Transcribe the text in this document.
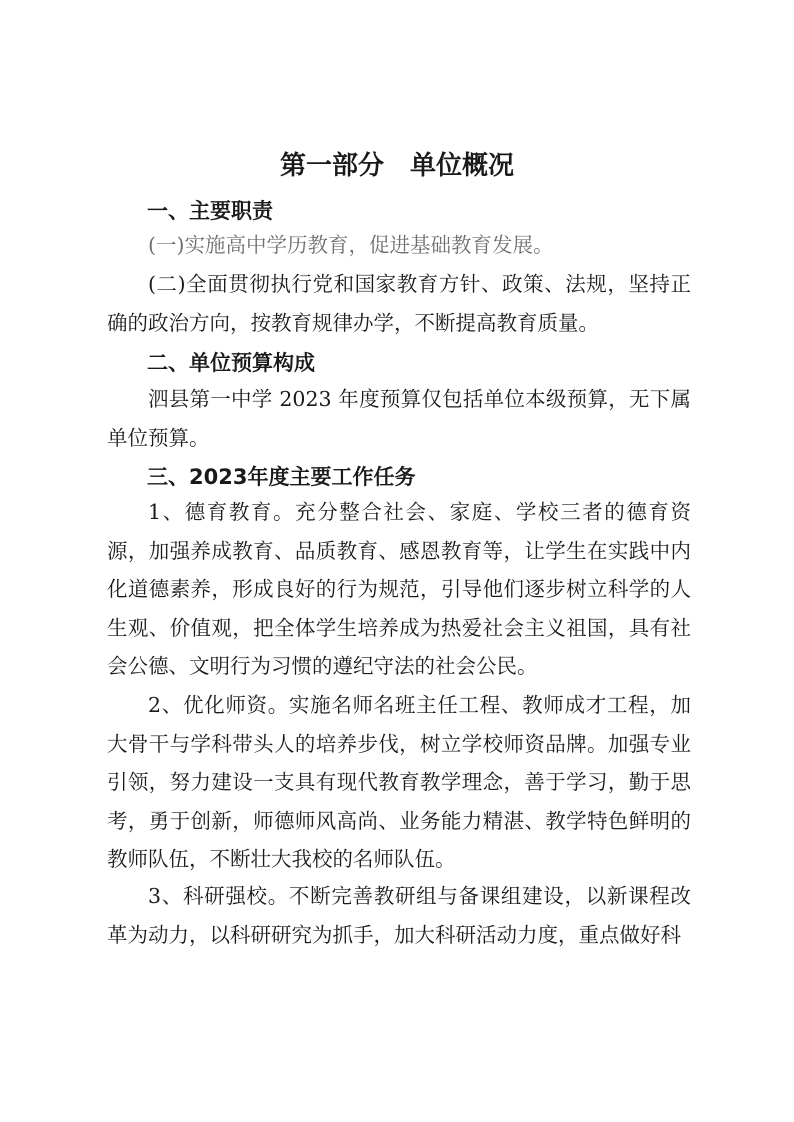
第一部分　单位概况
一、主要职责
(一)实施高中学历教育，促进基础教育发展。
(二)全面贯彻执行党和国家教育方针、政策、法规，坚持正确的政治方向，按教育规律办学，不断提高教育质量。
二、单位预算构成
泗县第一中学 2023 年度预算仅包括单位本级预算，无下属单位预算。
三、2023年度主要工作任务
1、德育教育。充分整合社会、家庭、学校三者的德育资源，加强养成教育、品质教育、感恩教育等，让学生在实践中内化道德素养，形成良好的行为规范，引导他们逐步树立科学的人生观、价值观，把全体学生培养成为热爱社会主义祖国，具有社会公德、文明行为习惯的遵纪守法的社会公民。
2、优化师资。实施名师名班主任工程、教师成才工程，加大骨干与学科带头人的培养步伐，树立学校师资品牌。加强专业引领，努力建设一支具有现代教育教学理念，善于学习，勤于思考，勇于创新，师德师风高尚、业务能力精湛、教学特色鲜明的教师队伍，不断壮大我校的名师队伍。
3、科研强校。不断完善教研组与备课组建设，以新课程改革为动力，以科研研究为抓手，加大科研活动力度，重点做好科
